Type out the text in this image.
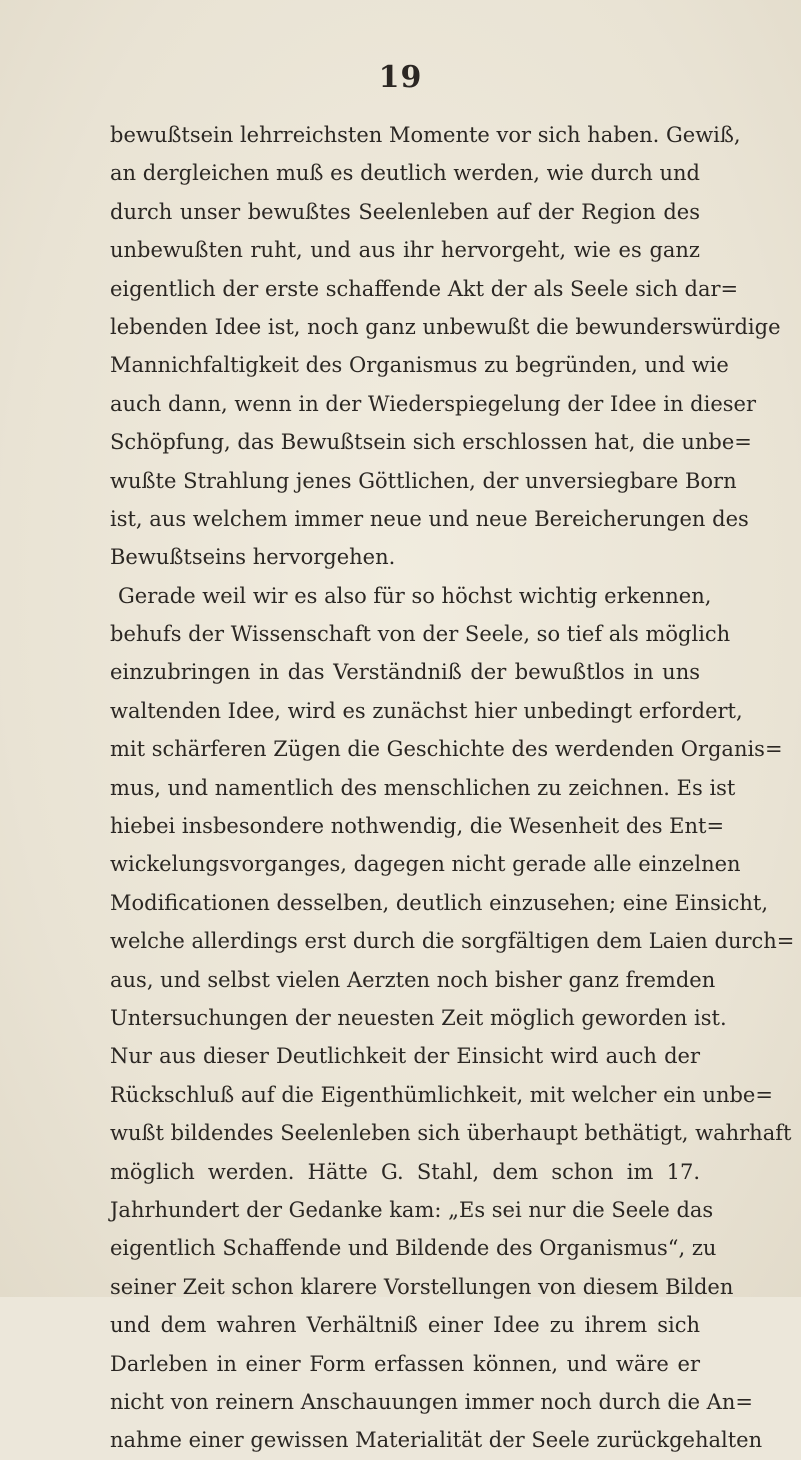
19
bewußtsein lehrreichsten Momente vor sich haben. Gewiß,
an dergleichen muß es deutlich werden, wie durch und
durch unser bewußtes Seelenleben auf der Region des
unbewußten ruht, und aus ihr hervorgeht, wie es ganz
eigentlich der erste schaffende Akt der als Seele sich dar=
lebenden Idee ist, noch ganz unbewußt die bewunderswürdige
Mannichfaltigkeit des Organismus zu begründen, und wie
auch dann, wenn in der Wiederspiegelung der Idee in dieser
Schöpfung, das Bewußtsein sich erschlossen hat, die unbe=
wußte Strahlung jenes Göttlichen, der unversiegbare Born
ist, aus welchem immer neue und neue Bereicherungen des
Bewußtseins hervorgehen.
Gerade weil wir es also für so höchst wichtig erkennen,
behufs der Wissenschaft von der Seele, so tief als möglich
einzubringen in das Verständniß der bewußtlos in uns
waltenden Idee, wird es zunächst hier unbedingt erfordert,
mit schärferen Zügen die Geschichte des werdenden Organis=
mus, und namentlich des menschlichen zu zeichnen. Es ist
hiebei insbesondere nothwendig, die Wesenheit des Ent=
wickelungsvorganges, dagegen nicht gerade alle einzelnen
Modificationen desselben, deutlich einzusehen; eine Einsicht,
welche allerdings erst durch die sorgfältigen dem Laien durch=
aus, und selbst vielen Aerzten noch bisher ganz fremden
Untersuchungen der neuesten Zeit möglich geworden ist.
Nur aus dieser Deutlichkeit der Einsicht wird auch der
Rückschluß auf die Eigenthümlichkeit, mit welcher ein unbe=
wußt bildendes Seelenleben sich überhaupt bethätigt, wahrhaft
möglich werden. Hätte G. Stahl, dem schon im 17.
Jahrhundert der Gedanke kam: „Es sei nur die Seele das
eigentlich Schaffende und Bildende des Organismus“, zu
seiner Zeit schon klarere Vorstellungen von diesem Bilden
und dem wahren Verhältniß einer Idee zu ihrem sich
Darleben in einer Form erfassen können, und wäre er
nicht von reinern Anschauungen immer noch durch die An=
nahme einer gewissen Materialität der Seele zurückgehalten
